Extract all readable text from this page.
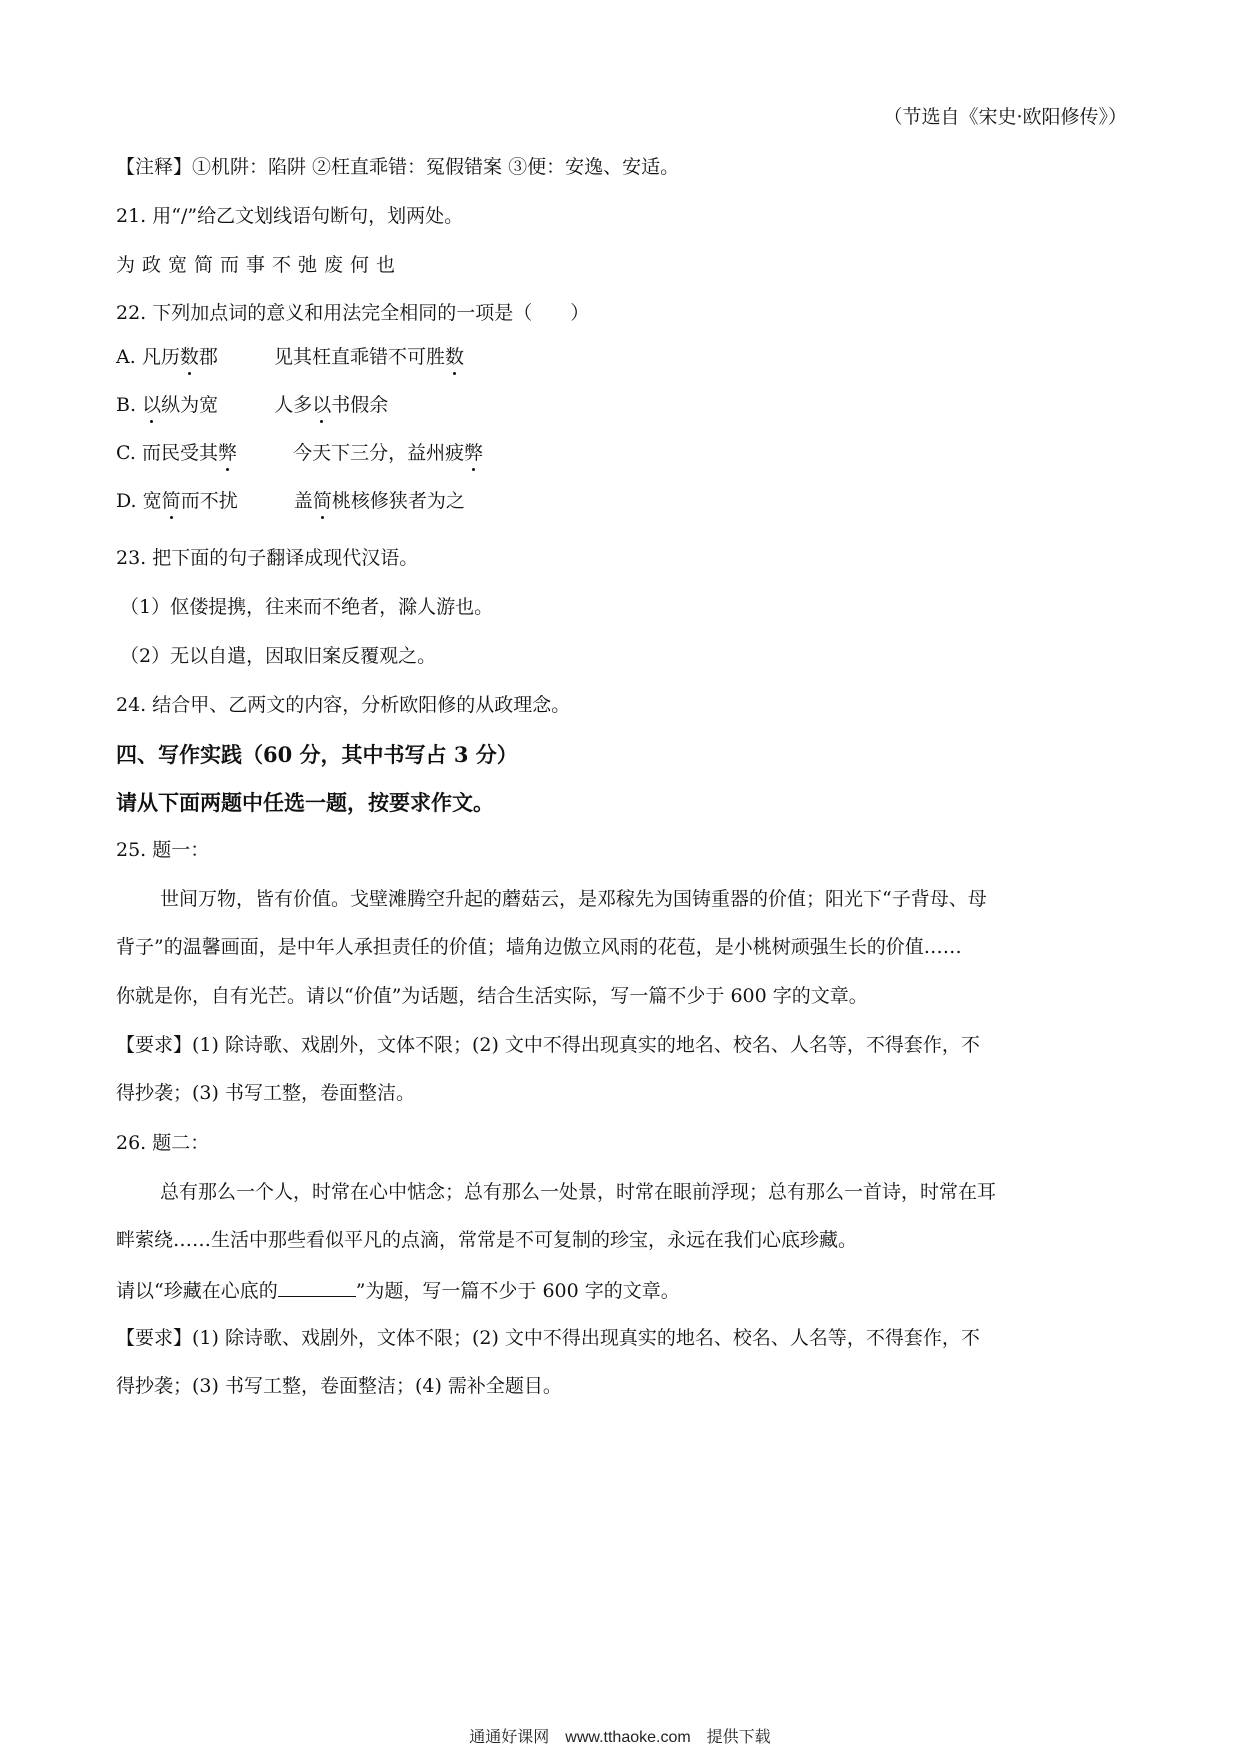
（节选自《宋史·欧阳修传》）
【注释】①机阱：陷阱 ②枉直乖错：冤假错案 ③便：安逸、安适。
21. 用“/”给乙文划线语句断句，划两处。
为政宽简而事不弛废何也
22. 下列加点词的意义和用法完全相同的一项是（　　）
A. 凡历数郡	见其枉直乖错不可胜数
B. 以纵为宽	人多以书假余
C. 而民受其弊	今天下三分，益州疲弊
D. 宽简而不扰	盖简桃核修狭者为之
23. 把下面的句子翻译成现代汉语。
（1）伛偻提携，往来而不绝者，滁人游也。
（2）无以自遣，因取旧案反覆观之。
24. 结合甲、乙两文的内容，分析欧阳修的从政理念。
四、写作实践（60 分，其中书写占 3 分）
请从下面两题中任选一题，按要求作文。
25. 题一：
世间万物，皆有价值。戈壁滩腾空升起的蘑菇云，是邓稼先为国铸重器的价值；阳光下“子背母、母
背子”的温馨画面，是中年人承担责任的价值；墙角边傲立风雨的花苞，是小桃树顽强生长的价值……
你就是你，自有光芒。请以“价值”为话题，结合生活实际，写一篇不少于 600 字的文章。
【要求】(1) 除诗歌、戏剧外，文体不限；(2) 文中不得出现真实的地名、校名、人名等，不得套作，不
得抄袭；(3) 书写工整，卷面整洁。
26. 题二：
总有那么一个人，时常在心中惦念；总有那么一处景，时常在眼前浮现；总有那么一首诗，时常在耳
畔萦绕……生活中那些看似平凡的点滴，常常是不可复制的珍宝，永远在我们心底珍藏。
请以“珍藏在心底的	”为题，写一篇不少于 600 字的文章。
【要求】(1) 除诗歌、戏剧外，文体不限；(2) 文中不得出现真实的地名、校名、人名等，不得套作，不
得抄袭；(3) 书写工整，卷面整洁；(4) 需补全题目。
通通好课网　www.tthaoke.com　提供下载
